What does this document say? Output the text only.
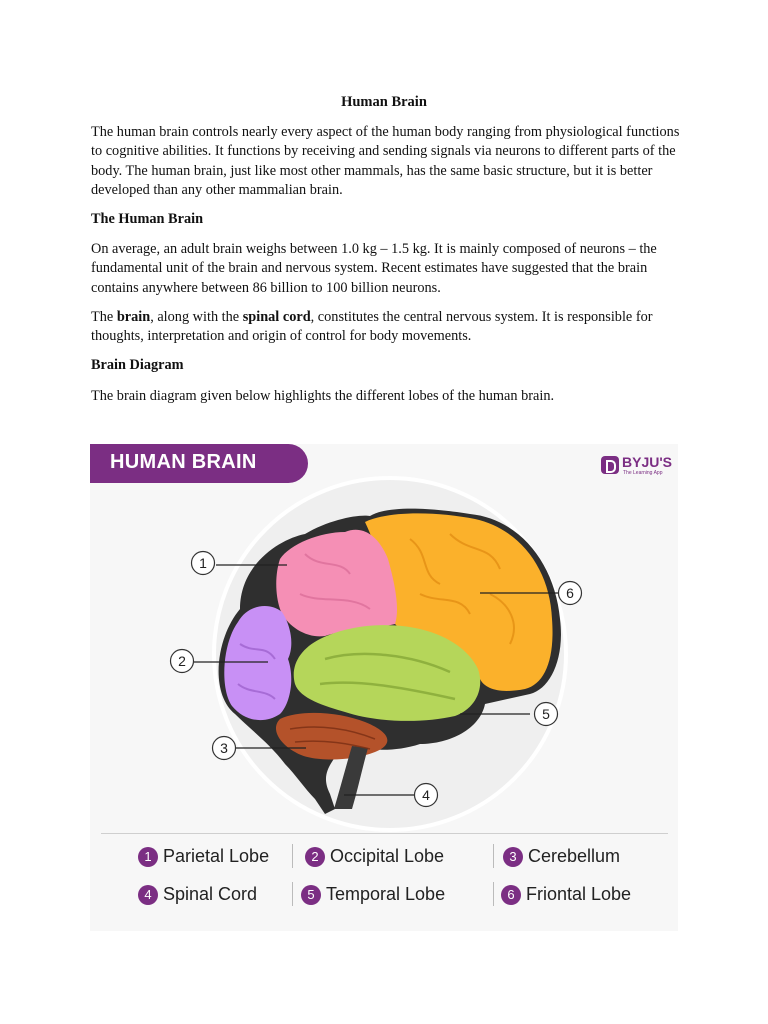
Human Brain

The human brain controls nearly every aspect of the human body ranging from physiological functions to cognitive abilities. It functions by receiving and sending signals via neurons to different parts of the body. The human brain, just like most other mammals, has the same basic structure, but it is better developed than any other mammalian brain.

The Human Brain

On average, an adult brain weighs between 1.0 kg – 1.5 kg. It is mainly composed of neurons – the fundamental unit of the brain and nervous system. Recent estimates have suggested that the brain contains anywhere between 86 billion to 100 billion neurons.

The brain, along with the spinal cord, constitutes the central nervous system. It is responsible for thoughts, interpretation and origin of control for body movements.

Brain Diagram

The brain diagram given below highlights the different lobes of the human brain.

HUMAN BRAIN	BYJU'S
The Learning App
1
2
3
4
5
6
1 Parietal Lobe	2 Occipital Lobe	3 Cerebellum
4 Spinal Cord	5 Temporal Lobe	6 Friontal Lobe
